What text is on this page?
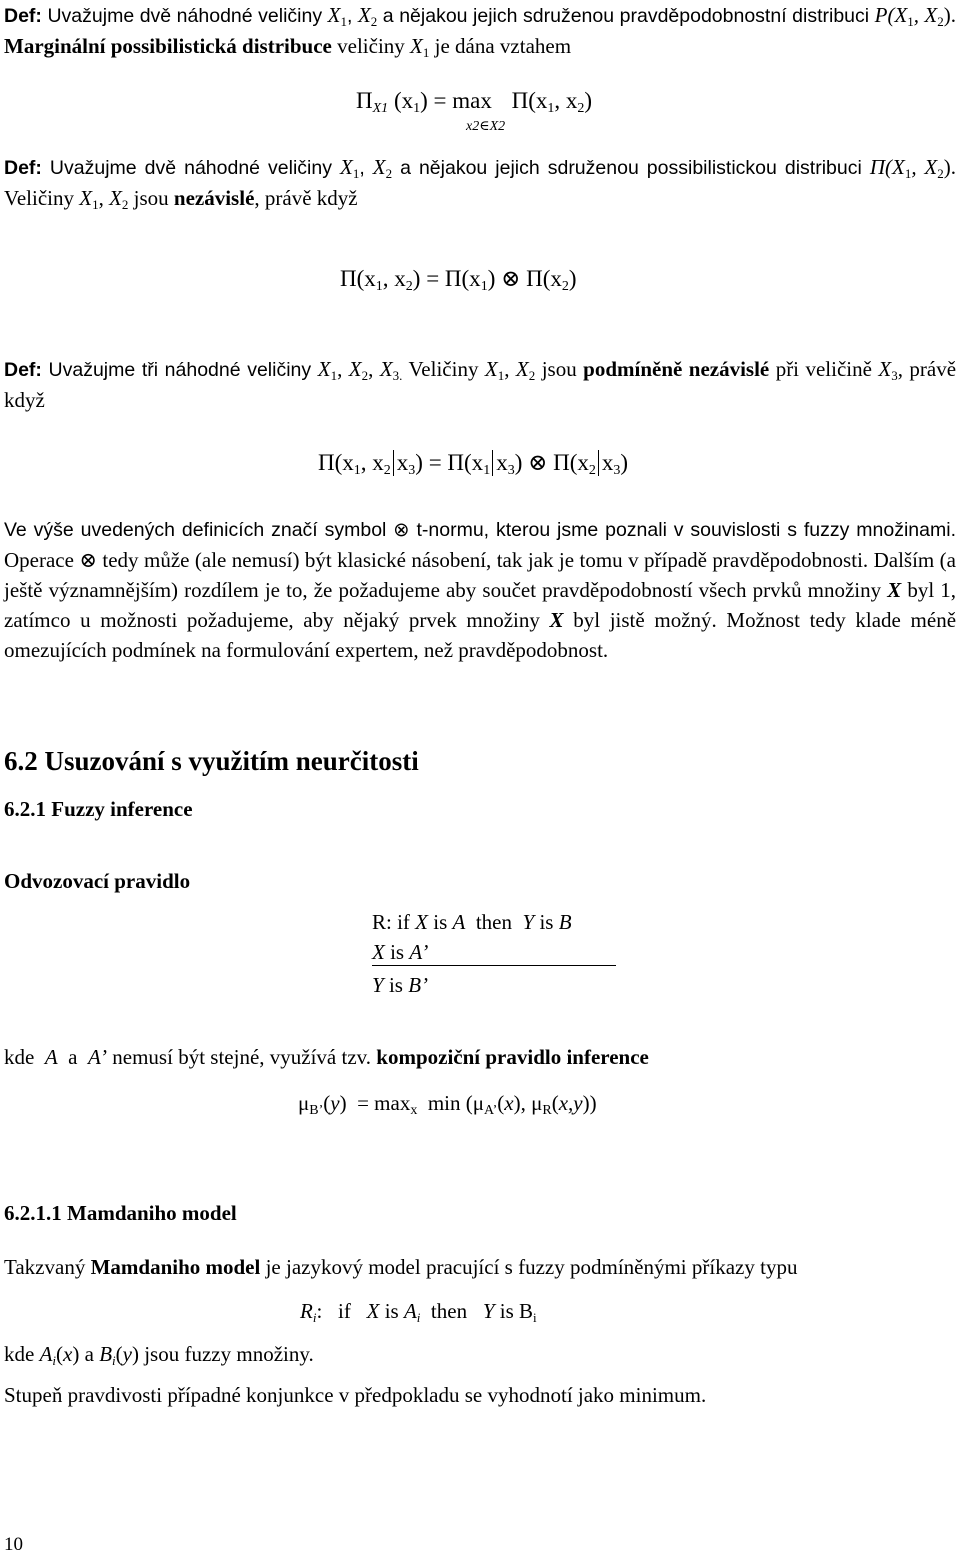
Def: Uvažujme dvě náhodné veličiny $X_1$, $X_2$ a nějakou jejich sdruženou pravděpodobnostní distribuci $P(X_1$, $X_2$). Marginální possibilistická distribuce veličiny $X_1$ je dána vztahem

$\Pi_{X1}$ $(x_1) = \max \Pi(x_1$, $x_2$)
x2∈X2

Def: Uvažujme dvě náhodné veličiny $X_1$, $X_2$ a nějakou jejich sdruženou possibilistickou distribuci $\Pi(X_1$, $X_2$). Veličiny $X_1$, $X_2$ jsou nezávislé, právě když

$\Pi(x_1$, $x_2) = \Pi(x_1)$ ⊗ $\Pi(x_2)$

Def: Uvažujme tři náhodné veličiny $X_1$, $X_2$, $X_{3.}$ Veličiny $X_1$, $X_2$ jsou podmíněně nezávislé při veličině $X_3$, právě když

$\Pi(x_1$, $x_2$ $x_3) = \Pi(x_1$ $x_3$) ⊗ $\Pi(x_2$ $x_3$)

Ve výše uvedených definicích značí symbol ⊗ t-normu, kterou jsme poznali v souvislosti s fuzzy množinami. Operace ⊗ tedy může (ale nemusí) být klasické násobení, tak jak je tomu v případě pravděpodobnosti. Dalším (a ještě významnějším) rozdílem je to, že požadujeme aby součet pravděpodobností všech prvků množiny X byl 1, zatímco u možnosti požadujeme, aby nějaký prvek množiny X byl jistě možný. Možnost tedy klade méně omezujících podmínek na formulování expertem, než pravděpodobnost.

6.2 Usuzování s využitím neurčitosti
6.2.1 Fuzzy inference
Odvozovací pravidlo
R: if X is A  then  Y is B
X is A’
Y is B’

kde  A  a  A’ nemusí být stejné, využívá tzv. kompoziční pravidlo inference

$\mu_{B’}(y) = \max_x \min (\mu_{A’}(x)$, $\mu_R(x,y)$)
6.2.1.1 Mamdaniho model

Takzvaný Mamdaniho model je jazykový model pracující s fuzzy podmíněnými příkazy typu

$R_i$:   if   X is $A_i$  then   Y is $B_i$

kde $A_i(x)$ a $B_i(y)$ jsou fuzzy množiny.

Stupeň pravdivosti případné konjunkce v předpokladu se vyhodnotí jako minimum.

10
